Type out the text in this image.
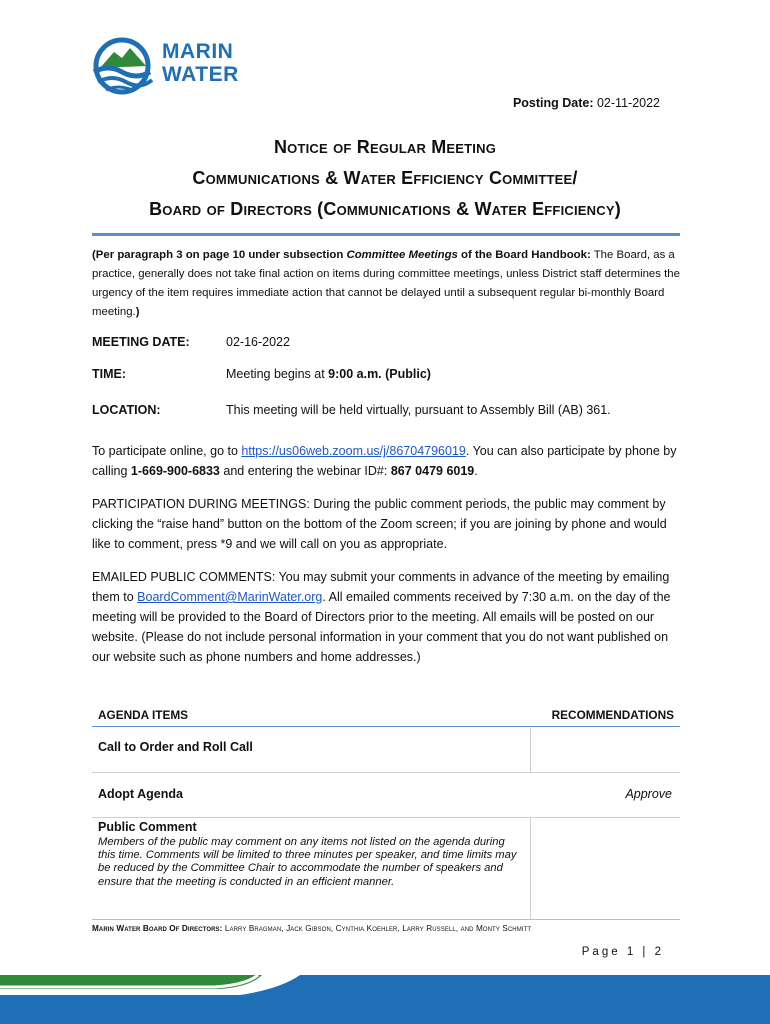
MARIN
WATER
Posting Date: 02-11-2022
Notice of Regular Meeting
Communications & Water Efficiency Committee/
Board of Directors (Communications & Water Efficiency)
(Per paragraph 3 on page 10 under subsection Committee Meetings of the Board Handbook: The Board, as a practice, generally does not take final action on items during committee meetings, unless District staff determines the urgency of the item requires immediate action that cannot be delayed until a subsequent regular bi-monthly Board meeting.)
MEETING DATE:	02-16-2022
TIME:	Meeting begins at 9:00 a.m. (Public)
LOCATION:	This meeting will be held virtually, pursuant to Assembly Bill (AB) 361.
To participate online, go to https://us06web.zoom.us/j/86704796019. You can also participate by phone by calling 1-669-900-6833 and entering the webinar ID#: 867 0479 6019.
PARTICIPATION DURING MEETINGS: During the public comment periods, the public may comment by clicking the “raise hand” button on the bottom of the Zoom screen; if you are joining by phone and would like to comment, press *9 and we will call on you as appropriate.
EMAILED PUBLIC COMMENTS: You may submit your comments in advance of the meeting by emailing them to BoardComment@MarinWater.org. All emailed comments received by 7:30 a.m. on the day of the meeting will be provided to the Board of Directors prior to the meeting. All emails will be posted on our website. (Please do not include personal information in your comment that you do not want published on our website such as phone numbers and home addresses.)
AGENDA ITEMS	RECOMMENDATIONS
Call to Order and Roll Call
Adopt Agenda	Approve
Public Comment
Members of the public may comment on any items not listed on the agenda during this time. Comments will be limited to three minutes per speaker, and time limits may be reduced by the Committee Chair to accommodate the number of speakers and ensure that the meeting is conducted in an efficient manner.
Marin Water Board Of Directors: Larry Bragman, Jack Gibson, Cynthia Koehler, Larry Russell, and Monty Schmitt
Page 1 | 2
